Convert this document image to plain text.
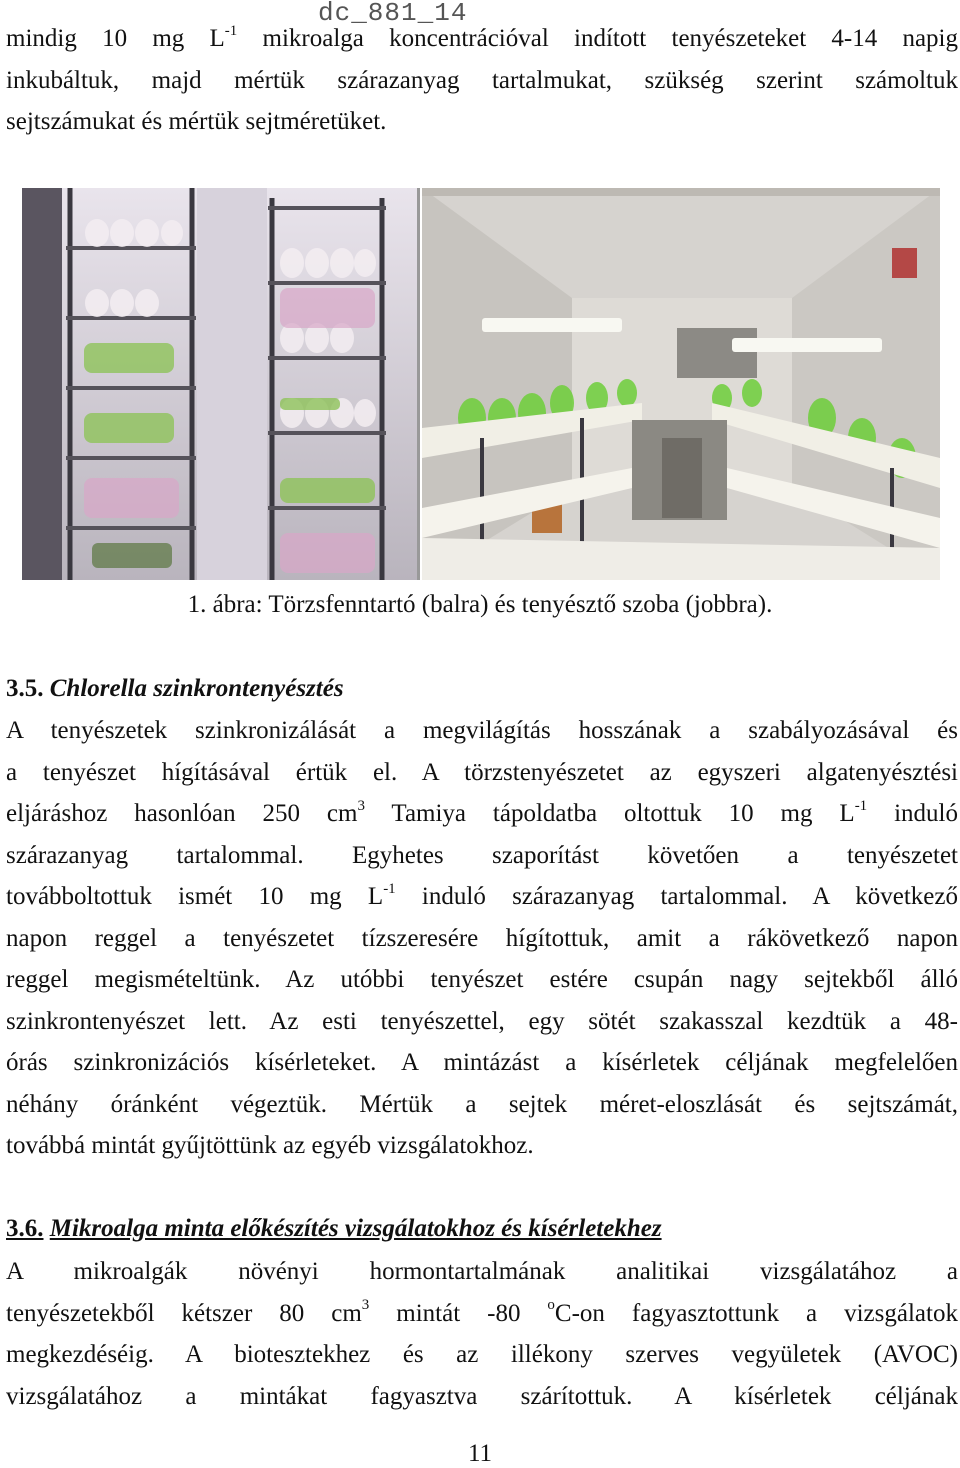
dc_881_14
mindig 10 mg $L^{-1}$ mikroalga koncentrációval indított tenyészeteket 4-14 napig
inkubáltuk, majd mértük szárazanyag tartalmukat, szükség szerint számoltuk
sejtszámukat és mértük sejtméretüket.
1. ábra: Törzsfenntartó (balra) és tenyésztő szoba (jobbra).
3.5. Chlorella szinkrontenyésztés
A tenyészetek szinkronizálását a megvilágítás hosszának a szabályozásával és
a tenyészet hígításával értük el. A törzstenyészetet az egyszeri algatenyésztési
eljáráshoz hasonlóan 250 $cm^3$ Tamiya tápoldatba oltottuk 10 mg $L^{-1}$ induló
szárazanyag tartalommal. Egyhetes szaporítást követően a tenyészetet
továbboltottuk ismét 10 mg $L^{-1}$ induló szárazanyag tartalommal. A következő
napon reggel a tenyészetet tízszeresére hígítottuk, amit a rákövetkező napon
reggel megismételtünk. Az utóbbi tenyészet estére csupán nagy sejtekből álló
szinkrontenyészet lett. Az esti tenyészettel, egy sötét szakasszal kezdtük a 48-
órás szinkronizációs kísérleteket. A mintázást a kísérletek céljának megfelelően
néhány óránként végeztük. Mértük a sejtek méret-eloszlását és sejtszámát,
továbbá mintát gyűjtöttünk az egyéb vizsgálatokhoz.
3.6. Mikroalga minta előkészítés vizsgálatokhoz és kísérletekhez
A mikroalgák növényi hormontartalmának analitikai vizsgálatához a
tenyészetekből kétszer 80 $cm^3$ mintát -80 $^o$C-on fagyasztottunk a vizsgálatok
megkezdéséig. A biotesztekhez és az illékony szerves vegyületek (AVOC)
vizsgálatához a mintákat fagyasztva szárítottuk. A kísérletek céljának
11
